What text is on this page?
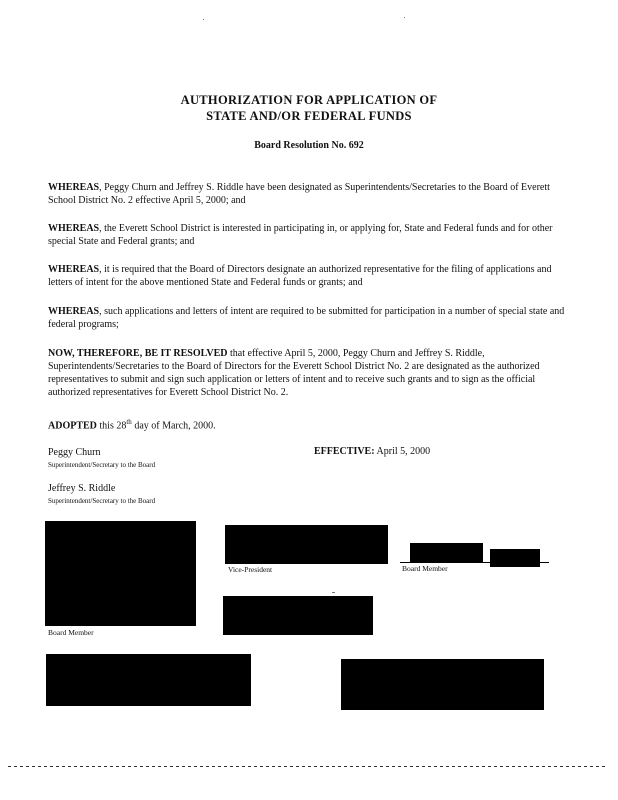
AUTHORIZATION FOR APPLICATION OF
STATE AND/OR FEDERAL FUNDS
Board Resolution No. 692
WHEREAS, Peggy Churn and Jeffrey S. Riddle have been designated as Superintendents/Secretaries to the Board of Everett School District No. 2 effective April 5, 2000; and
WHEREAS, the Everett School District is interested in participating in, or applying for, State and Federal funds and for other special State and Federal grants; and
WHEREAS, it is required that the Board of Directors designate an authorized representative for the filing of applications and letters of intent for the above mentioned State and Federal funds or grants; and
WHEREAS, such applications and letters of intent are required to be submitted for participation in a number of special state and federal programs;
NOW, THEREFORE, BE IT RESOLVED that effective April 5, 2000, Peggy Churn and Jeffrey S. Riddle, Superintendents/Secretaries to the Board of Directors for the Everett School District No. 2 are designated as the authorized representatives to submit and sign such application or letters of intent and to receive such grants and to sign as the official authorized representatives for Everett School District No. 2.
ADOPTED this 28th day of March, 2000.
Peggy Churn
Superintendent/Secretary to the Board
EFFECTIVE: April 5, 2000
Jeffrey S. Riddle
Superintendent/Secretary to the Board
Board Member
Vice-President	Board Member
